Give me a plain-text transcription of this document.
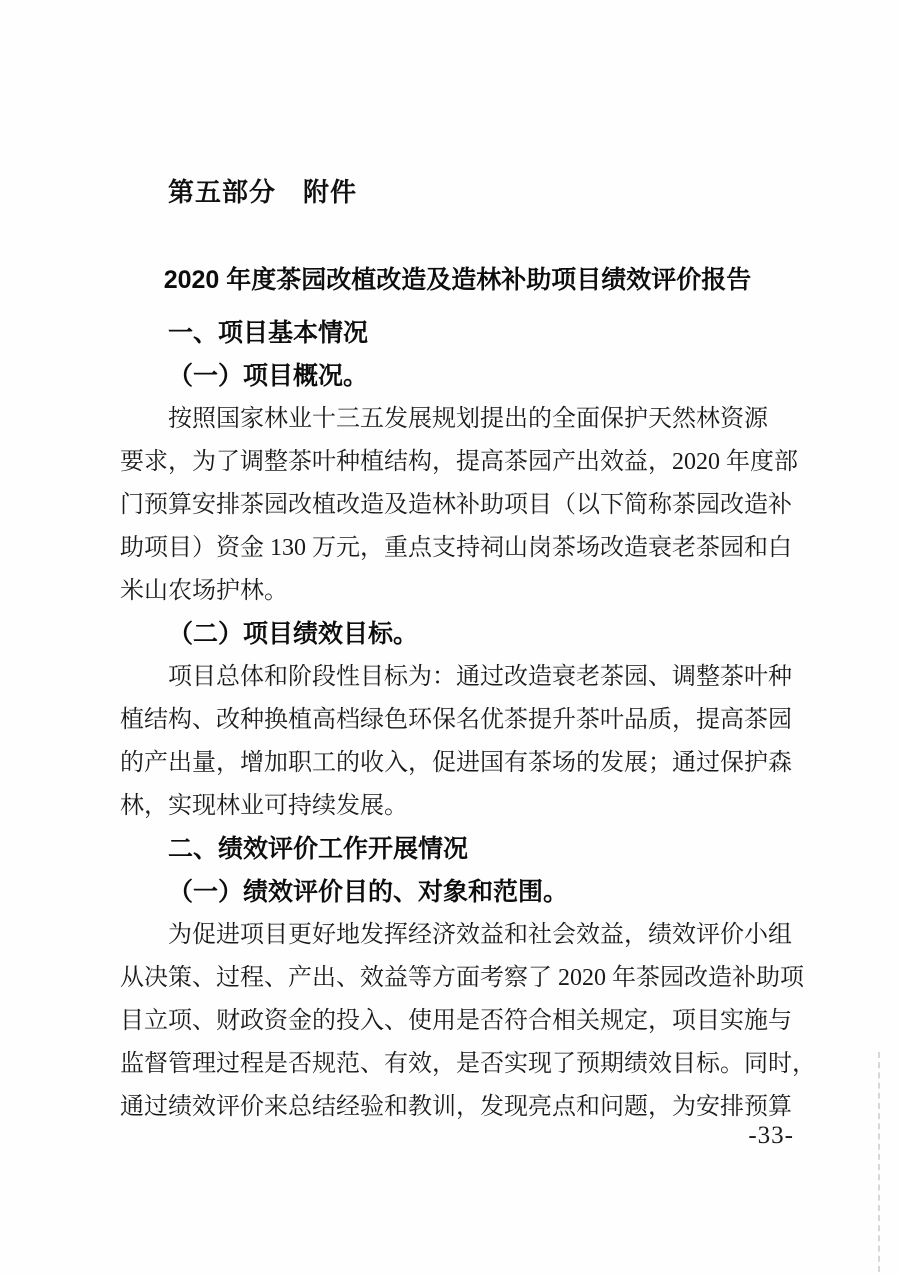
第五部分　附件
2020 年度茶园改植改造及造林补助项目绩效评价报告
一、项目基本情况
（一）项目概况。
按照国家林业十三五发展规划提出的全面保护天然林资源
要求，为了调整茶叶种植结构，提高茶园产出效益，2020 年度部
门预算安排茶园改植改造及造林补助项目（以下简称茶园改造补
助项目）资金 130 万元，重点支持祠山岗茶场改造衰老茶园和白
米山农场护林。
（二）项目绩效目标。
项目总体和阶段性目标为：通过改造衰老茶园、调整茶叶种
植结构、改种换植高档绿色环保名优茶提升茶叶品质，提高茶园
的产出量，增加职工的收入，促进国有茶场的发展；通过保护森
林，实现林业可持续发展。
二、绩效评价工作开展情况
（一）绩效评价目的、对象和范围。
为促进项目更好地发挥经济效益和社会效益，绩效评价小组
从决策、过程、产出、效益等方面考察了 2020 年茶园改造补助项
目立项、财政资金的投入、使用是否符合相关规定，项目实施与
监督管理过程是否规范、有效，是否实现了预期绩效目标。同时，
通过绩效评价来总结经验和教训，发现亮点和问题，为安排预算
-33-
